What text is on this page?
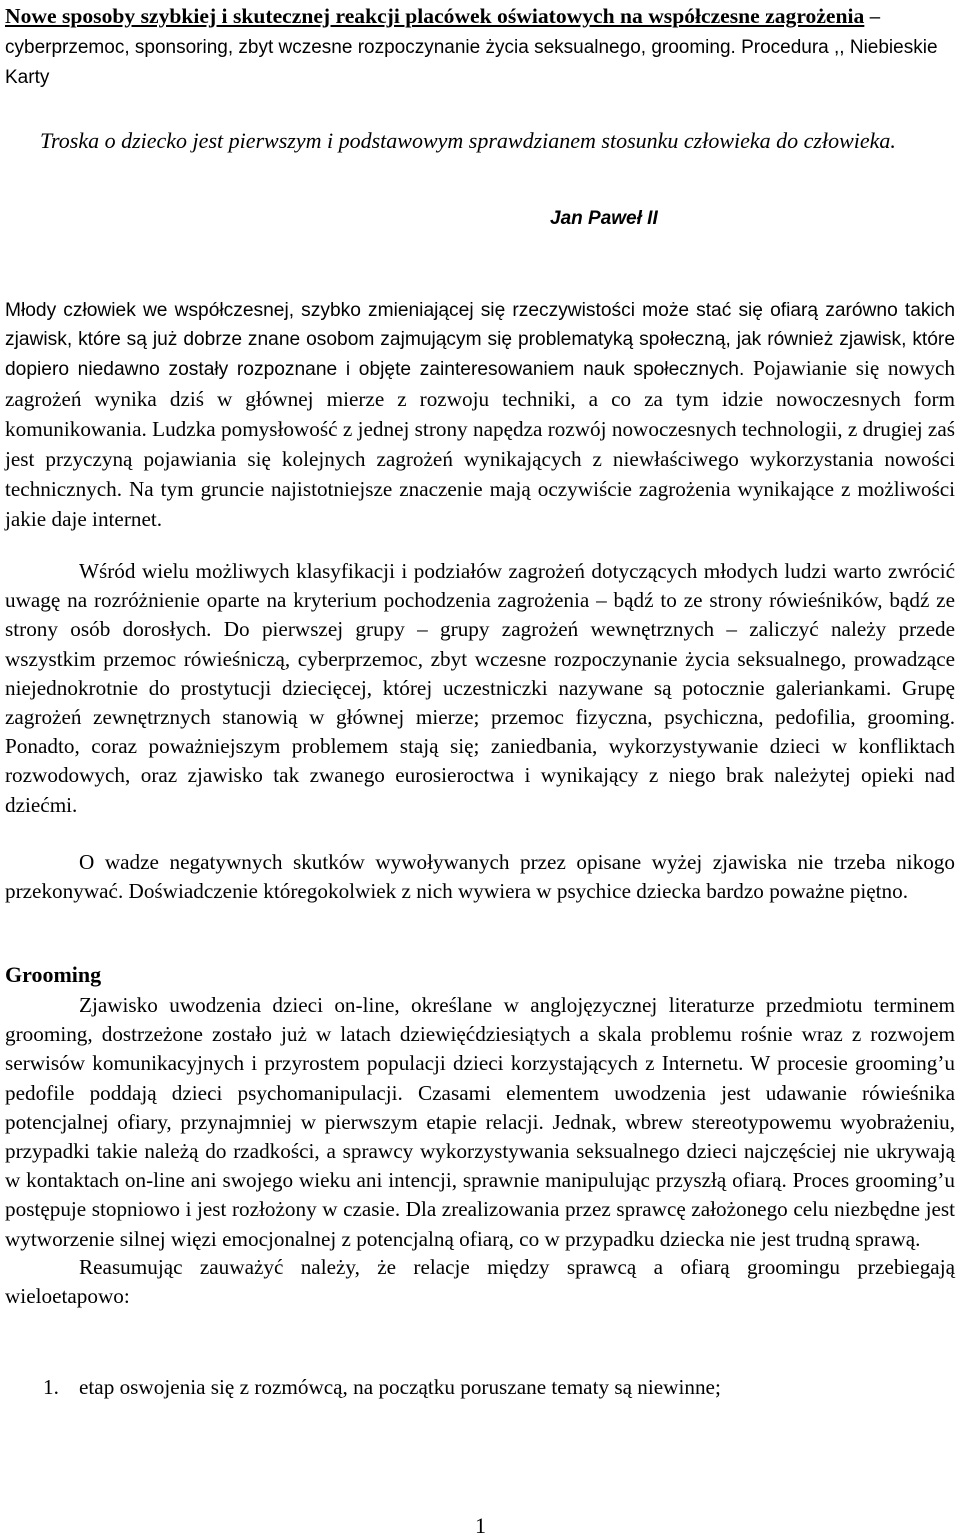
Nowe sposoby szybkiej i skutecznej reakcji placówek oświatowych na współczesne zagrożenia – cyberprzemoc, sponsoring, zbyt wczesne rozpoczynanie życia seksualnego, grooming. Procedura ,, Niebieskie Karty
Troska o dziecko jest pierwszym i podstawowym sprawdzianem stosunku człowieka do człowieka.
Jan Paweł II
Młody człowiek we współczesnej, szybko zmieniającej się rzeczywistości może stać się ofiarą zarówno takich zjawisk, które są już dobrze znane osobom zajmującym się problematyką społeczną, jak również zjawisk, które dopiero niedawno zostały rozpoznane i objęte zainteresowaniem nauk społecznych. Pojawianie się nowych zagrożeń wynika dziś w głównej mierze z rozwoju techniki, a co za tym idzie nowoczesnych form komunikowania. Ludzka pomysłowość z jednej strony napędza rozwój nowoczesnych technologii, z drugiej zaś jest przyczyną pojawiania się kolejnych zagrożeń wynikających z niewłaściwego wykorzystania nowości technicznych. Na tym gruncie najistotniejsze znaczenie mają oczywiście zagrożenia wynikające z możliwości jakie daje internet.
Wśród wielu możliwych klasyfikacji i podziałów zagrożeń dotyczących młodych ludzi warto zwrócić uwagę na rozróżnienie oparte na kryterium pochodzenia zagrożenia – bądź to ze strony rówieśników, bądź ze strony osób dorosłych. Do pierwszej grupy – grupy zagrożeń wewnętrznych – zaliczyć należy przede wszystkim przemoc rówieśniczą, cyberprzemoc, zbyt wczesne rozpoczynanie życia seksualnego, prowadzące niejednokrotnie do prostytucji dziecięcej, której uczestniczki nazywane są potocznie galeriankami. Grupę zagrożeń zewnętrznych stanowią w głównej mierze; przemoc fizyczna, psychiczna, pedofilia, grooming. Ponadto, coraz poważniejszym problemem stają się; zaniedbania, wykorzystywanie dzieci w konfliktach rozwodowych, oraz zjawisko tak zwanego eurosieroctwa i wynikający z niego brak należytej opieki nad dziećmi.
O wadze negatywnych skutków wywoływanych przez opisane wyżej zjawiska nie trzeba nikogo przekonywać. Doświadczenie któregokolwiek z nich wywiera w psychice dziecka bardzo poważne piętno.
Grooming
Zjawisko uwodzenia dzieci on-line, określane w anglojęzycznej literaturze przedmiotu terminem grooming, dostrzeżone zostało już w latach dziewięćdziesiątych a skala problemu rośnie wraz z rozwojem serwisów komunikacyjnych i przyrostem populacji dzieci korzystających z Internetu. W procesie grooming’u pedofile poddają dzieci psychomanipulacji. Czasami elementem uwodzenia jest udawanie rówieśnika potencjalnej ofiary, przynajmniej w pierwszym etapie relacji. Jednak, wbrew stereotypowemu wyobrażeniu, przypadki takie należą do rzadkości, a sprawcy wykorzystywania seksualnego dzieci najczęściej nie ukrywają w kontaktach on-line ani swojego wieku ani intencji, sprawnie manipulując przyszłą ofiarą. Proces grooming’u postępuje stopniowo i jest rozłożony w czasie. Dla zrealizowania przez sprawcę założonego celu niezbędne jest wytworzenie silnej więzi emocjonalnej z potencjalną ofiarą, co w przypadku dziecka nie jest trudną sprawą.
Reasumując zauważyć należy, że relacje między sprawcą a ofiarą groomingu przebiegają wieloetapowo:
1. etap oswojenia się z rozmówcą, na początku poruszane tematy są niewinne;
1
